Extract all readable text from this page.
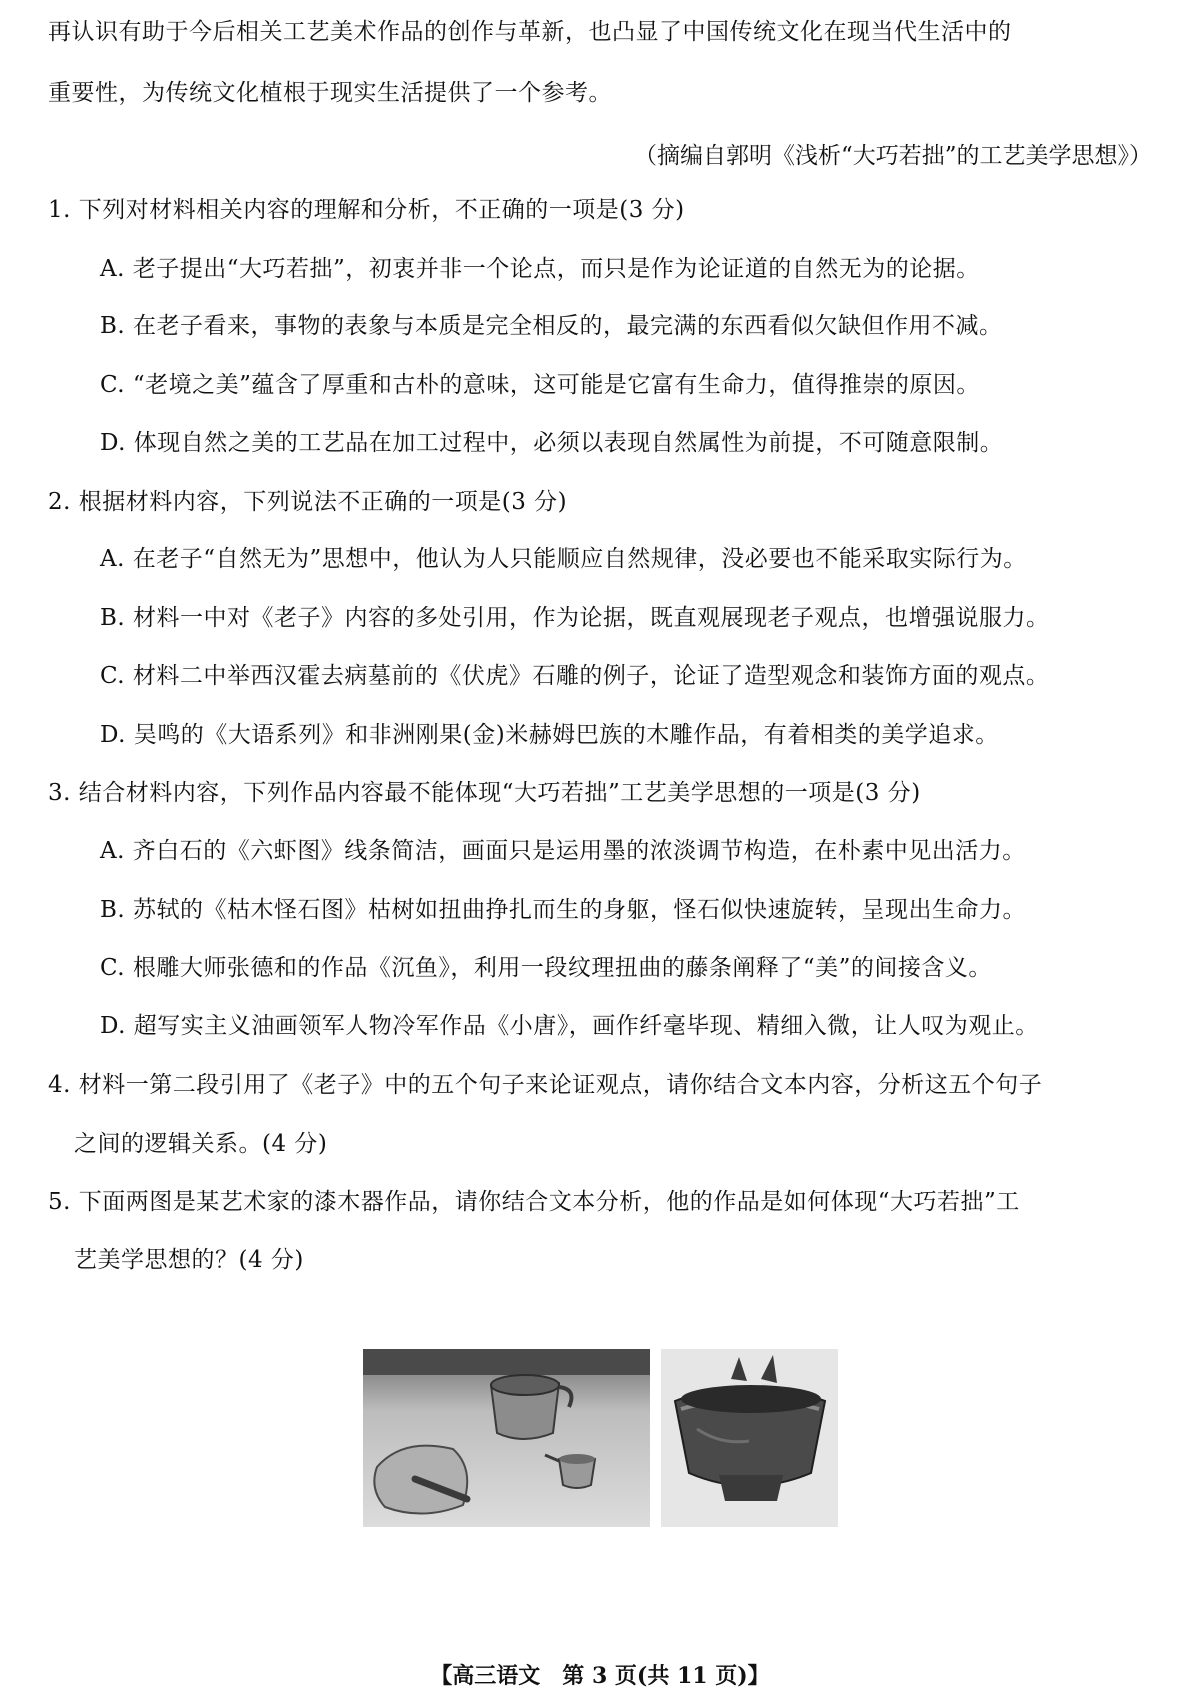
再认识有助于今后相关工艺美术作品的创作与革新，也凸显了中国传统文化在现当代生活中的
重要性，为传统文化植根于现实生活提供了一个参考。
（摘编自郭明《浅析“大巧若拙”的工艺美学思想》）
1. 下列对材料相关内容的理解和分析，不正确的一项是(3 分)
A. 老子提出“大巧若拙”，初衷并非一个论点，而只是作为论证道的自然无为的论据。
B. 在老子看来，事物的表象与本质是完全相反的，最完满的东西看似欠缺但作用不减。
C. “老境之美”蕴含了厚重和古朴的意味，这可能是它富有生命力，值得推崇的原因。
D. 体现自然之美的工艺品在加工过程中，必须以表现自然属性为前提，不可随意限制。
2. 根据材料内容，下列说法不正确的一项是(3 分)
A. 在老子“自然无为”思想中，他认为人只能顺应自然规律，没必要也不能采取实际行为。
B. 材料一中对《老子》内容的多处引用，作为论据，既直观展现老子观点，也增强说服力。
C. 材料二中举西汉霍去病墓前的《伏虎》石雕的例子，论证了造型观念和装饰方面的观点。
D. 吴鸣的《大语系列》和非洲刚果(金)米赫姆巴族的木雕作品，有着相类的美学追求。
3. 结合材料内容，下列作品内容最不能体现“大巧若拙”工艺美学思想的一项是(3 分)
A. 齐白石的《六虾图》线条简洁，画面只是运用墨的浓淡调节构造，在朴素中见出活力。
B. 苏轼的《枯木怪石图》枯树如扭曲挣扎而生的身躯，怪石似快速旋转，呈现出生命力。
C. 根雕大师张德和的作品《沉鱼》，利用一段纹理扭曲的藤条阐释了“美”的间接含义。
D. 超写实主义油画领军人物冷军作品《小唐》，画作纤毫毕现、精细入微，让人叹为观止。
4. 材料一第二段引用了《老子》中的五个句子来论证观点，请你结合文本内容，分析这五个句子
之间的逻辑关系。(4 分)
5. 下面两图是某艺术家的漆木器作品，请你结合文本分析，他的作品是如何体现“大巧若拙”工
艺美学思想的？(4 分)
【高三语文　第 3 页(共 11 页)】
